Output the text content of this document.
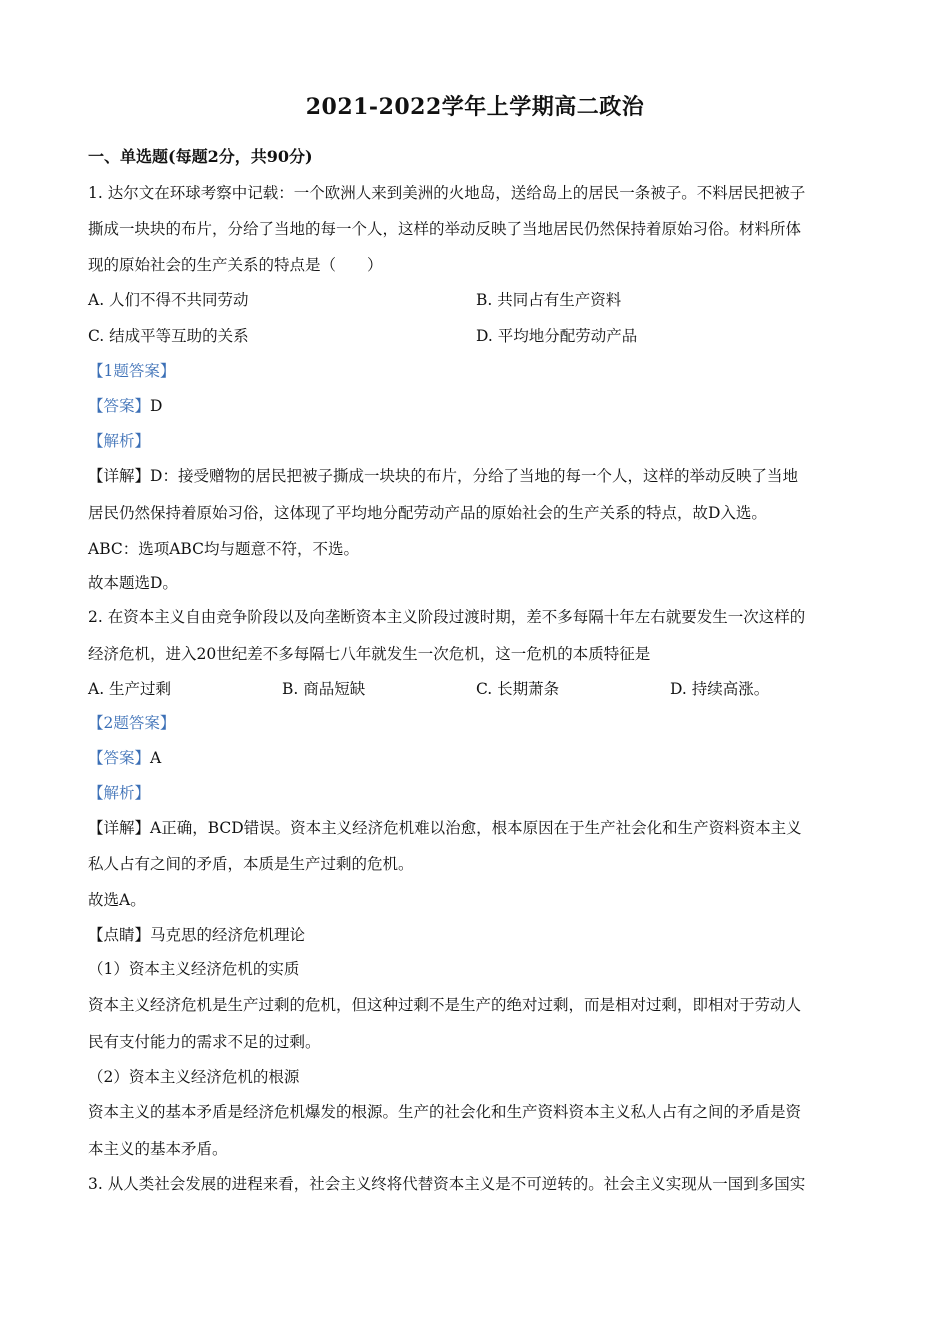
2021-2022学年上学期高二政治
一、单选题(每题2分，共90分)
1. 达尔文在环球考察中记载：一个欧洲人来到美洲的火地岛，送给岛上的居民一条被子。不料居民把被子
撕成一块块的布片，分给了当地的每一个人，这样的举动反映了当地居民仍然保持着原始习俗。材料所体
现的原始社会的生产关系的特点是（　　）
A. 人们不得不共同劳动	B. 共同占有生产资料
C. 结成平等互助的关系	D. 平均地分配劳动产品
【1题答案】
【答案】D
【解析】
【详解】D：接受赠物的居民把被子撕成一块块的布片，分给了当地的每一个人，这样的举动反映了当地
居民仍然保持着原始习俗，这体现了平均地分配劳动产品的原始社会的生产关系的特点，故D入选。
ABC：选项ABC均与题意不符，不选。
故本题选D。
2. 在资本主义自由竞争阶段以及向垄断资本主义阶段过渡时期，差不多每隔十年左右就要发生一次这样的
经济危机，进入20世纪差不多每隔七八年就发生一次危机，这一危机的本质特征是
A. 生产过剩	B. 商品短缺	C. 长期萧条	D. 持续高涨。
【2题答案】
【答案】A
【解析】
【详解】A正确，BCD错误。资本主义经济危机难以治愈，根本原因在于生产社会化和生产资料资本主义
私人占有之间的矛盾，本质是生产过剩的危机。
故选A。
【点睛】马克思的经济危机理论
（1）资本主义经济危机的实质
资本主义经济危机是生产过剩的危机，但这种过剩不是生产的绝对过剩，而是相对过剩，即相对于劳动人
民有支付能力的需求不足的过剩。
（2）资本主义经济危机的根源
资本主义的基本矛盾是经济危机爆发的根源。生产的社会化和生产资料资本主义私人占有之间的矛盾是资
本主义的基本矛盾。
3. 从人类社会发展的进程来看，社会主义终将代替资本主义是不可逆转的。社会主义实现从一国到多国实
